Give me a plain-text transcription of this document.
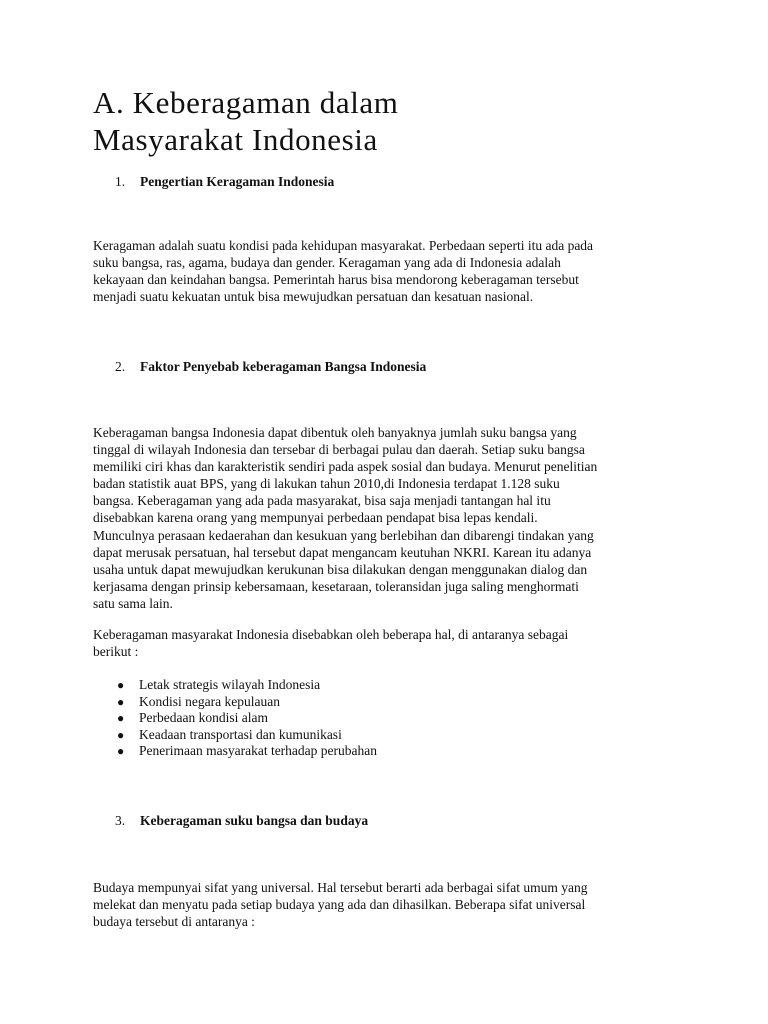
A. Keberagaman dalam
Masyarakat Indonesia

1. Pengertian Keragaman Indonesia

Keragaman adalah suatu kondisi pada kehidupan masyarakat. Perbedaan seperti itu ada pada
suku bangsa, ras, agama, budaya dan gender. Keragaman yang ada di Indonesia adalah
kekayaan dan keindahan bangsa. Pemerintah harus bisa mendorong keberagaman tersebut
menjadi suatu kekuatan untuk bisa mewujudkan persatuan dan kesatuan nasional.

2. Faktor Penyebab keberagaman Bangsa Indonesia

Keberagaman bangsa Indonesia dapat dibentuk oleh banyaknya jumlah suku bangsa yang
tinggal di wilayah Indonesia dan tersebar di berbagai pulau dan daerah. Setiap suku bangsa
memiliki ciri khas dan karakteristik sendiri pada aspek sosial dan budaya. Menurut penelitian
badan statistik auat BPS, yang di lakukan tahun 2010,di Indonesia terdapat 1.128 suku
bangsa. Keberagaman yang ada pada masyarakat, bisa saja menjadi tantangan hal itu
disebabkan karena orang yang mempunyai perbedaan pendapat bisa lepas kendali.
Munculnya perasaan kedaerahan dan kesukuan yang berlebihan dan dibarengi tindakan yang
dapat merusak persatuan, hal tersebut dapat mengancam keutuhan NKRI. Karean itu adanya
usaha untuk dapat mewujudkan kerukunan bisa dilakukan dengan menggunakan dialog dan
kerjasama dengan prinsip kebersamaan, kesetaraan, toleransidan juga saling menghormati
satu sama lain.
Keberagaman masyarakat Indonesia disebabkan oleh beberapa hal, di antaranya sebagai
berikut :
● Letak strategis wilayah Indonesia
● Kondisi negara kepulauan
● Perbedaan kondisi alam
● Keadaan transportasi dan kumunikasi
● Penerimaan masyarakat terhadap perubahan

3. Keberagaman suku bangsa dan budaya

Budaya mempunyai sifat yang universal. Hal tersebut berarti ada berbagai sifat umum yang
melekat dan menyatu pada setiap budaya yang ada dan dihasilkan. Beberapa sifat universal
budaya tersebut di antaranya :
